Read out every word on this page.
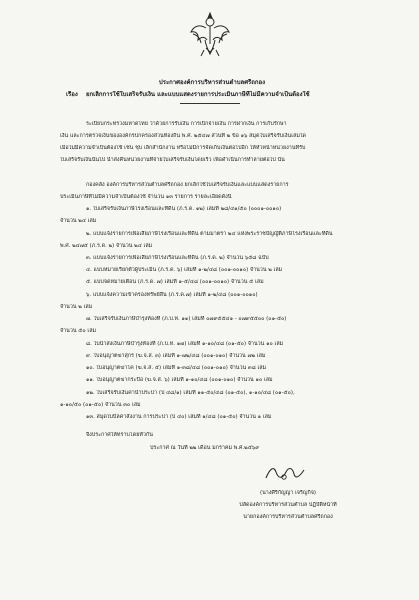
ประกาศองค์การบริหารส่วนตำบลศรีถกอง
เรื่อง	ยกเลิกการใช้ใบเสร็จรับเงิน และแบบแสดงรายการประเมินภาษีที่ไม่มีความจำเป็นต้องใช้
ระเบียบกระทรวงมหาดไทย ว่าด้วยการรับเงิน การเบิกจ่ายเงิน การฝากเงิน การเก็บรักษา
เงิน และการตรวจเงินขององค์กรปกครองส่วนท้องถิ่น พ.ศ. ๒๕๔๗ ส่วนที่ ๒ ข้อ ๑๖ สมุดใบเสร็จรับเงินเล่มใด
เมื่อไม่มีความจำเป็นต้องใช้ เช่น ชุบ เลิกสำนักงาน หรือไม่มีการจัดเก็บเงินต่อไปอีก ให้หัวหน้าหน่วยงานที่รับ
ใบเสร็จรับเงินนั้นไป นำส่งคืนหน่วยงานที่จ่ายใบเสร็จรับเงินโดยเร็ว เพื่อดำเนินการทำลายต่อไป นั้น
กองคลัง องค์การบริหารส่วนตำบลศรีถกอง ยกเลิกใช้ใบเสร็จรับเงินและแบบแสดงรายการ
ประเมินภาษีที่ไม่มีความจำเป็นต้องใช้ จำนวน ๑๓ รายการ รายละเอียดดังนี้
๑. ใบเสร็จรับเงินภาษีโรงเรือนและที่ดิน (ภ.ร.ด. ๑๒) เล่มที่ ๒๘/๔๑/๕๐ (๐๐๐๑-๐๐๑๐)
จำนวน ๒๔ เล่ม
๒. แบบแจ้งรายการเพื่อเสียภาษีโรงเรือนและที่ดิน ตามมาตรา ๒๔ แห่งพระราชบัญญัติภาษีโรงเรือนและที่ดิน
พ.ศ. ๒๔๗๕ (ภ.ร.ด. ๒) จำนวน ๒๔ เล่ม
๓. แบบแจ้งรายการเพื่อเสียภาษีโรงเรือนและที่ดิน (ภ.ร.ด. ๒) จำนวน ๖๕๘ ฉบับ
๔. แบบหมายเรียกตัวผู้ประเมิน (ภ.ร.ด. ๖) เล่มที่ ๑-๒/๔๘ (๐๐๑-๐๐๑๐) จำนวน ๒ เล่ม
๕. แบบจดหมายเตือน (ภ.ร.ด. ๗) เล่มที่ ๑-๕/๔๘ (๐๐๑-๐๐๑๐) จำนวน ๕ เล่ม
๖. แบบแจ้งความเข้าครองทรัพย์สิน (ภ.ร.ด.๗) เล่มที่ ๑-๒/๔๘ (๐๐๑-๐๐๑๐)
จำนวน ๒ เล่ม
๗. ใบเสร็จรับเงินภาษีบำรุงท้องที่ (ภ.บ.ท. ๑๑) เล่มที่ ๐๗๙๕๕๔๑ - ๐๗๙๕๕๐๐ (๐๑-๕๐)
จำนวน ๕๐ เล่ม
๘. ใบนำส่งเงินภาษีบำรุงท้องที่ (ภ.บ.ท. ๑๗) เล่มที่ ๑-๑๐/๔๘ (๐๑-๕๐) จำนวน ๑๐ เล่ม
๙. ใบอนุญาตฆ่าสุกร (ฆ.จ.ส. ๓) เล่มที่ ๑-๗๒/๔๘ (๐๐๑-๐๑๐) จำนวน ๗๒ เล่ม
๑๐. ใบอนุญาตฆ่าโค (ฆ.จ.ส. ๕) เล่มที่ ๑-๓๘/๔๘ (๐๐๑-๐๑๐) จำนวน ๓๘ เล่ม
๑๑. ใบอนุญาตฆ่ากระบือ (ฆ.จ.ส. ๖) เล่มที่ ๑-๑๐/๔๘ (๐๐๑-๐๑๐) จำนวน ๑๐ เล่ม
๑๒. ใบเสร็จรับเงินค่าน้ำประปา (ป ๔๘/๑) เล่มที่ ๑๑-๕๐/๔๘ (๐๑-๕๐), ๑-๑๐/๔๘ (๐๑-๕๐),
๑-๑๐/๕๐ (๐๑-๕๐) จำนวน ๓๐ เล่ม
๑๓. สมุดใบบิลค่าสั่งงาน การประปา (ป ๔๐) เล่มที่ ๑/๔๘ (๐๑-๕๐) จำนวน ๑ เล่ม
จึงประกาศให้ทราบโดยทั่วกัน
ประกาศ ณ วันที่ ๒๒ เดือน มกราคม พ.ศ.๒๕๖๙
(นางศิริกัญญา เจริญกิจ)
ปลัดองค์การบริหารส่วนตำบล ปฏิบัติหน้าที่
นายกองค์การบริหารส่วนตำบลศรีถกอง
